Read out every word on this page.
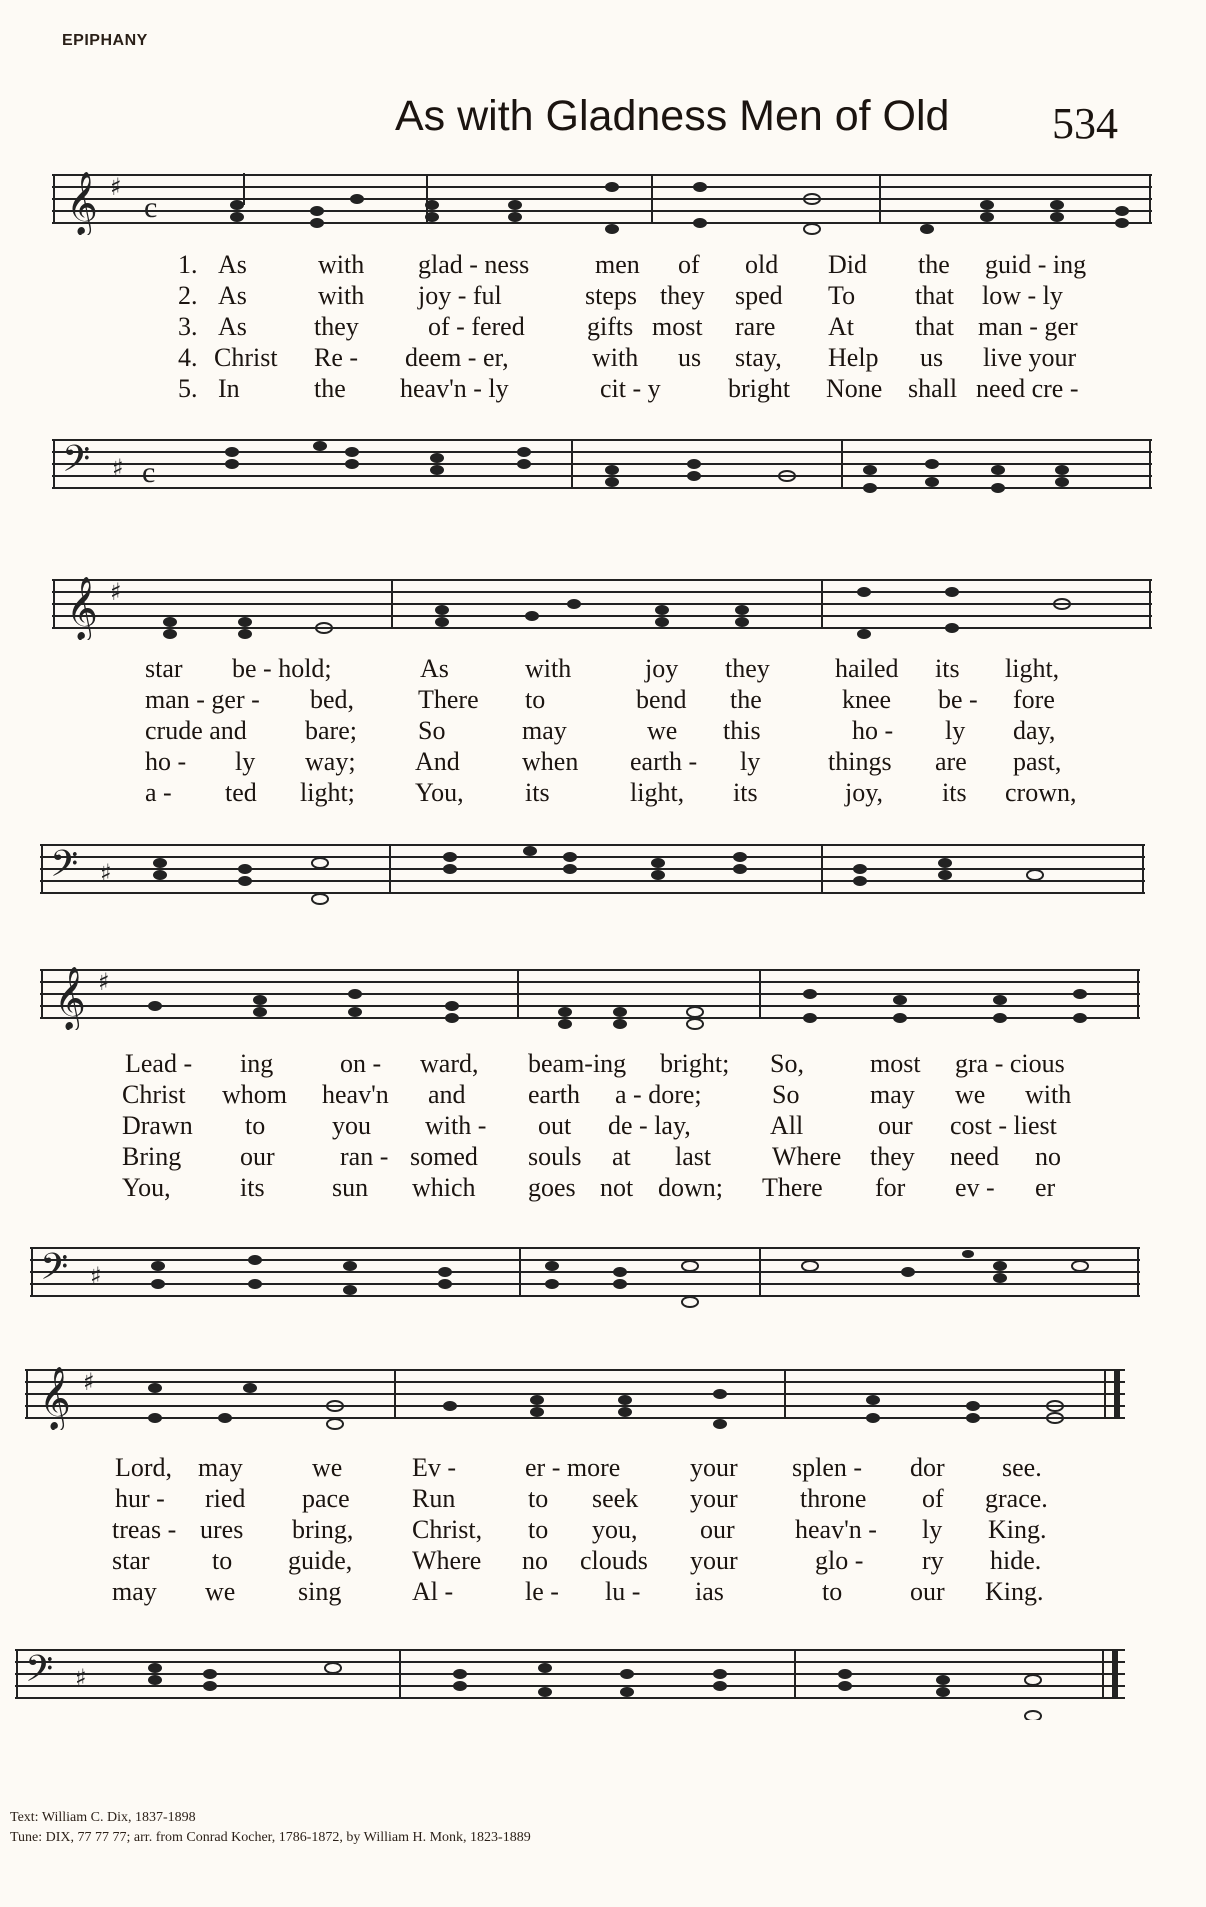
EPIPHANY
As with Gladness Men of Old 534
𝄞 ♯
c
1. As	with glad - ness	men of old Did the guid - ing
2. As	with joy - ful	steps they sped To that low - ly
3. As	they	of - fered gifts most rare At that man - ger
4. Christ Re - deem - er,	with us stay, Help us live your
5. In	the heav'n - ly	cit - y	bright None shall need cre -
𝄢 ♯ c
𝄞 ♯
star be - hold;	As	with	joy they	hailed its light,
man - ger - bed, There to	bend the	knee be - fore
crude and bare; So	may	we this	ho - ly day,
ho - ly way; And when earth - ly	things are past,
a - ted light; You, its	light, its	joy, its crown,
𝄢 ♯
𝄞 ♯
Lead - ing	on - ward, beam-ing bright; So,	most gra - cious
Christ whom heav'n and earth a - dore;	So	may we with
Drawn to	you with - out de - lay,	All	our cost - liest
Bring our	ran - somed souls at last Where they need no
You,	its	sun which goes not down; There for ev - er
𝄢 ♯
𝄞 ♯
Lord, may	we	Ev -	er - more	your splen - dor see.
hur - ried pace Run	to seek your throne of grace.
treas - ures bring, Christ, to you, our heav'n - ly King.
star to guide, Where no clouds your	glo - ry hide.
may we sing	Al -	le - lu - ias	to	our King.
𝄢 ♯
Text: William C. Dix, 1837-1898
Tune: DIX, 77 77 77; arr. from Conrad Kocher, 1786-1872, by William H. Monk, 1823-1889
